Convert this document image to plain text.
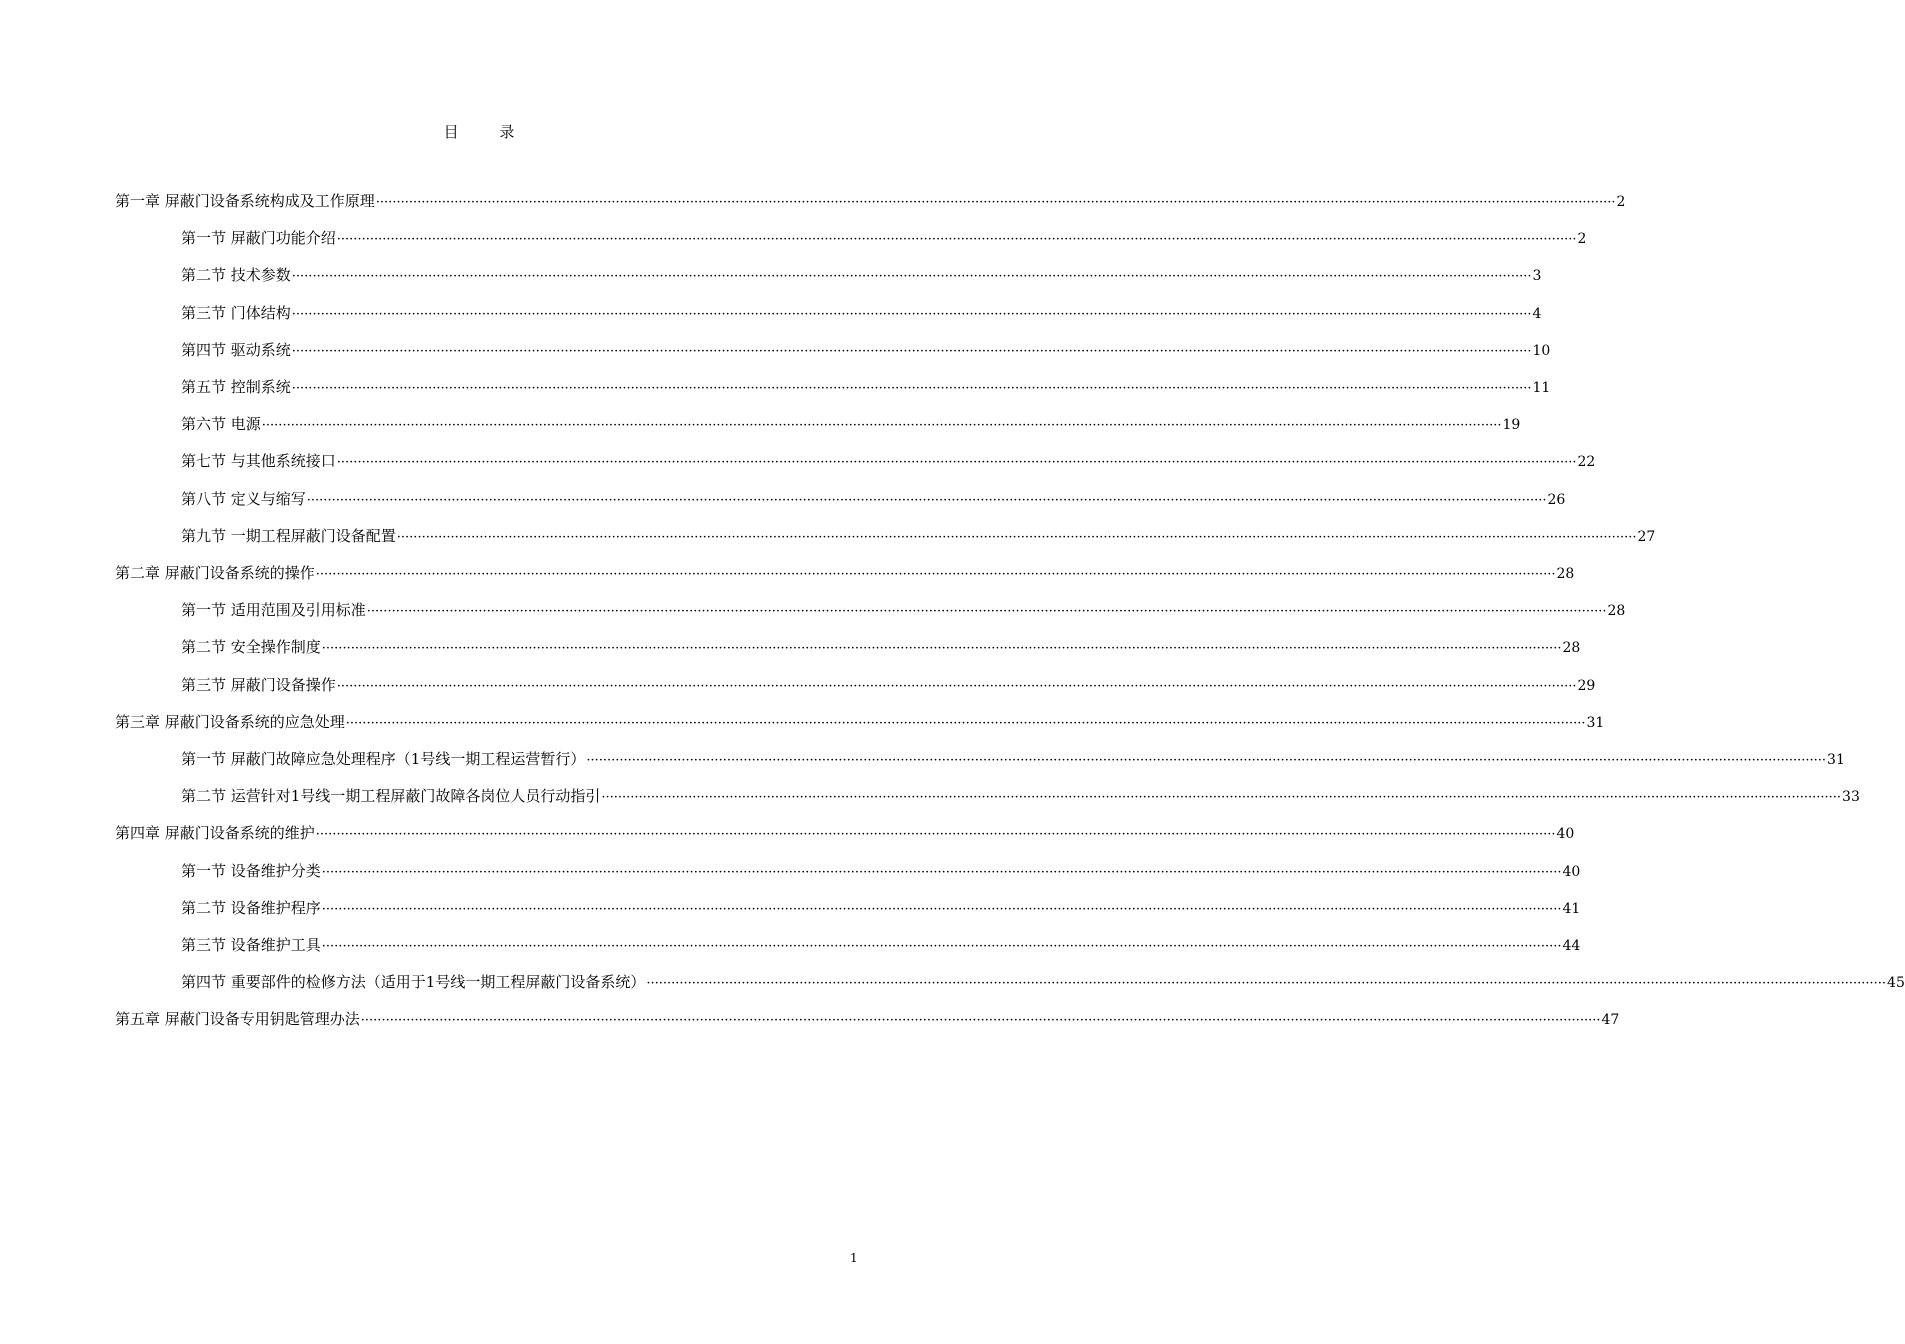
目 录
第一章 屏蔽门设备系统构成及工作原理 ············································································································································································································································································································ 2
第一节 屏蔽门功能介绍 ············································································································································································································································································································ 2
第二节 技术参数 ············································································································································································································································································································ 3
第三节 门体结构 ············································································································································································································································································································ 4
第四节 驱动系统 ············································································································································································································································································································ 10
第五节 控制系统 ············································································································································································································································································································ 11
第六节 电源 ············································································································································································································································································································ 19
第七节 与其他系统接口 ············································································································································································································································································································ 22
第八节 定义与缩写 ············································································································································································································································································································ 26
第九节 一期工程屏蔽门设备配置 ············································································································································································································································································································ 27
第二章 屏蔽门设备系统的操作 ············································································································································································································································································································ 28
第一节 适用范围及引用标准 ············································································································································································································································································································ 28
第二节 安全操作制度 ············································································································································································································································································································ 28
第三节 屏蔽门设备操作 ············································································································································································································································································································ 29
第三章 屏蔽门设备系统的应急处理 ············································································································································································································································································································ 31
第一节 屏蔽门故障应急处理程序（1号线一期工程运营暂行） ············································································································································································································································································································ 31
第二节 运营针对1号线一期工程屏蔽门故障各岗位人员行动指引 ············································································································································································································································································································ 33
第四章 屏蔽门设备系统的维护 ············································································································································································································································································································ 40
第一节 设备维护分类 ············································································································································································································································································································ 40
第二节 设备维护程序 ············································································································································································································································································································ 41
第三节 设备维护工具 ············································································································································································································································································································ 44
第四节 重要部件的检修方法（适用于1号线一期工程屏蔽门设备系统） ············································································································································································································································································································ 45
第五章 屏蔽门设备专用钥匙管理办法 ············································································································································································································································································································ 47
1
